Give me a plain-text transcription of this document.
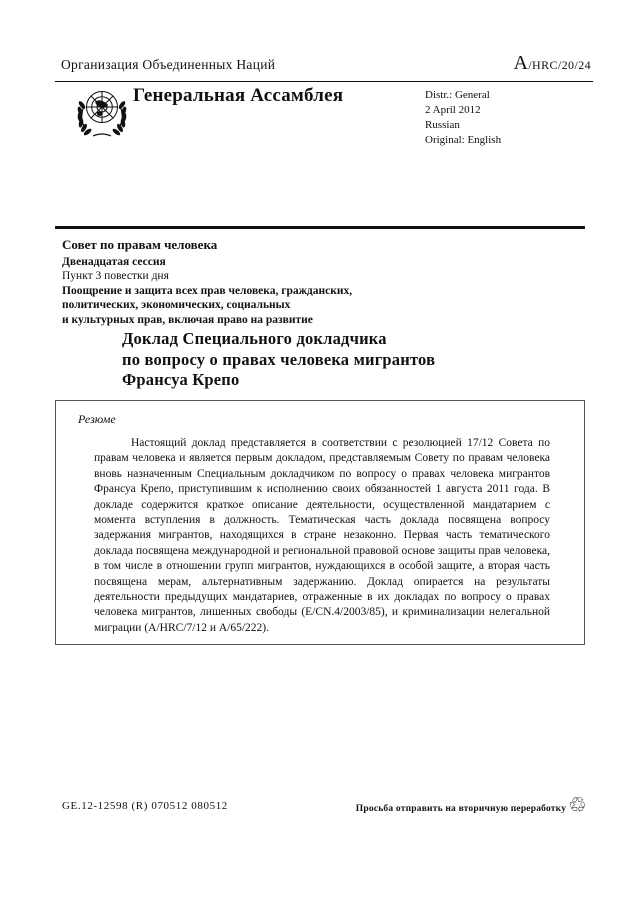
Организация Объединенных Наций	A/HRC/20/24
Генеральная Ассамблея	Distr.: General
2 April 2012
Russian
Original: English
Совет по правам человека
Двенадцатая сессия
Пункт 3 повестки дня
Поощрение и защита всех прав человека, гражданских,
политических, экономических, социальных
и культурных прав, включая право на развитие
Доклад Специального докладчика
по вопросу о правах человека мигрантов
Франсуа Крепо
Резюме

Настоящий доклад представляется в соответствии с резолюцией 17/12 Совета по правам человека и является первым докладом, представляемым Совету по правам человека вновь назначенным Специальным докладчиком по вопросу о правах человека мигрантов Франсуа Крепо, приступившим к исполнению своих обязанностей 1 августа 2011 года. В докладе содержится краткое описание деятельности, осуществленной мандатарием с момента вступления в должность. Тематическая часть доклада посвящена вопросу задержания мигрантов, находящихся в стране незаконно. Первая часть тематического доклада посвящена международной и региональной правовой основе защиты прав человека, в том числе в отношении групп мигрантов, нуждающихся в особой защите, а вторая часть посвящена мерам, альтернативным задержанию. Доклад опирается на результаты деятельности предыдущих мандатариев, отраженные в их докладах по вопросу о правах человека мигрантов, лишенных свободы (E/CN.4/2003/85), и криминализации нелегальной миграции (A/HRC/7/12 и A/65/222).

GE.12-12598 (R) 070512 080512	Просьба отправить на вторичную переработку ♲
